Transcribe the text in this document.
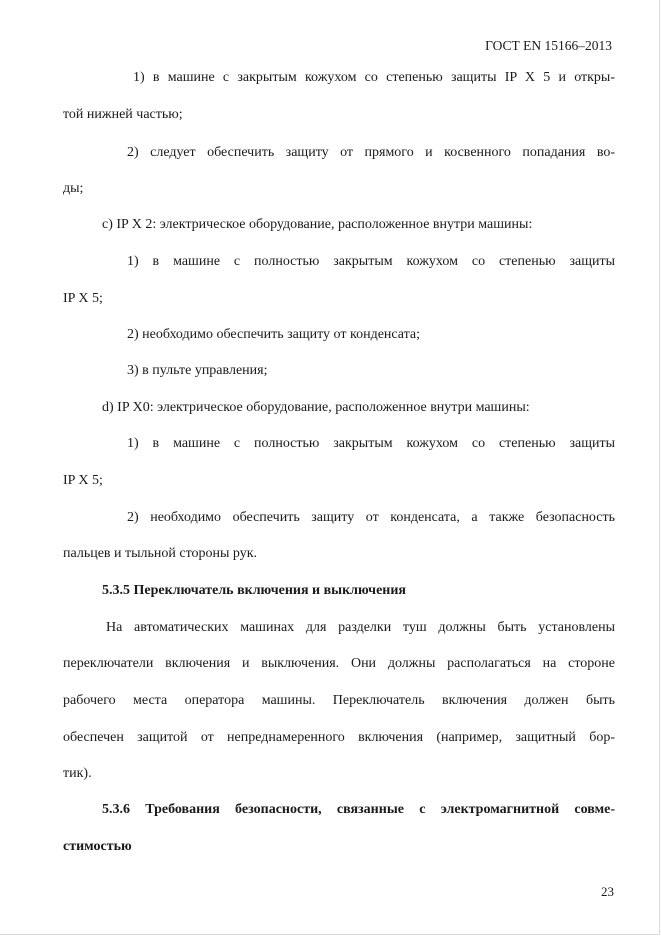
ГОСТ EN 15166–2013
1) в машине с закрытым кожухом со степенью защиты IP X 5 и откры-
той нижней частью;
2) следует обеспечить защиту от прямого и косвенного попадания во-
ды;
c) IP X 2: электрическое оборудование, расположенное внутри машины:
1) в машине с полностью закрытым кожухом со степенью защиты
IP X 5;
2) необходимо обеспечить защиту от конденсата;
3) в пульте управления;
d) IP X0: электрическое оборудование, расположенное внутри машины:
1) в машине с полностью закрытым кожухом со степенью защиты
IP X 5;
2) необходимо обеспечить защиту от конденсата, а также безопасность
пальцев и тыльной стороны рук.
5.3.5 Переключатель включения и выключения
На автоматических машинах для разделки туш должны быть установлены
переключатели включения и выключения. Они должны располагаться на стороне
рабочего места оператора машины. Переключатель включения должен быть
обеспечен защитой от непреднамеренного включения (например, защитный бор-
тик).
5.3.6 Требования безопасности, связанные с электромагнитной совме-
стимостью
23
